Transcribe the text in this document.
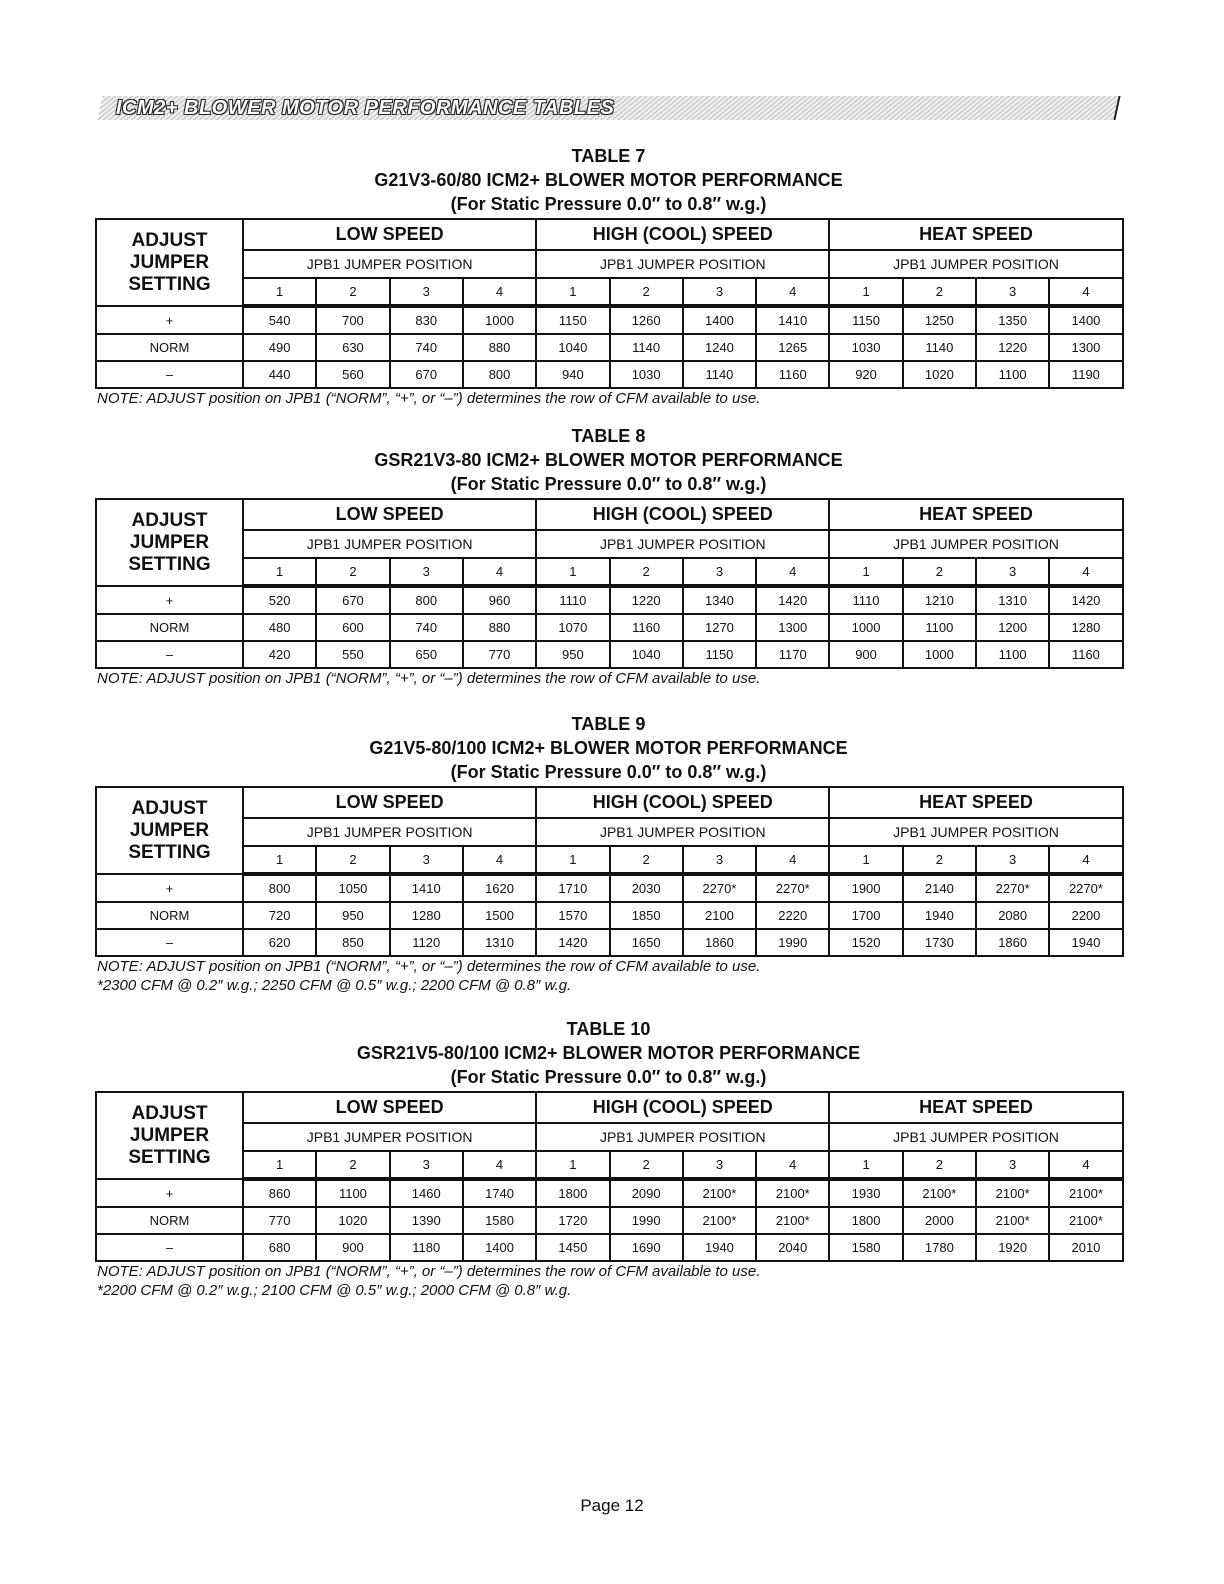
ICM2+ BLOWER MOTOR PERFORMANCE TABLES
TABLE 7
G21V3-60/80 ICM2+ BLOWER MOTOR PERFORMANCE
(For Static Pressure 0.0″ to 0.8″ w.g.)
ADJUST
JUMPER
SETTING	LOW SPEED				HIGH (COOL) SPEED				HEAT SPEED			
	JPB1 JUMPER POSITION				JPB1 JUMPER POSITION				JPB1 JUMPER POSITION			
	1	2	3	4	1	2	3	4	1	2	3	4
+	540	700	830	1000	1150	1260	1400	1410	1150	1250	1350	1400
NORM	490	630	740	880	1040	1140	1240	1265	1030	1140	1220	1300
–	440	560	670	800	940	1030	1140	1160	920	1020	1100	1190
NOTE: ADJUST position on JPB1 (“NORM”, “+”, or “–”) determines the row of CFM available to use.
TABLE 8
GSR21V3-80 ICM2+ BLOWER MOTOR PERFORMANCE
(For Static Pressure 0.0″ to 0.8″ w.g.)
ADJUST
JUMPER
SETTING	LOW SPEED				HIGH (COOL) SPEED				HEAT SPEED			
	JPB1 JUMPER POSITION				JPB1 JUMPER POSITION				JPB1 JUMPER POSITION			
	1	2	3	4	1	2	3	4	1	2	3	4
+	520	670	800	960	1110	1220	1340	1420	1110	1210	1310	1420
NORM	480	600	740	880	1070	1160	1270	1300	1000	1100	1200	1280
–	420	550	650	770	950	1040	1150	1170	900	1000	1100	1160
NOTE: ADJUST position on JPB1 (“NORM”, “+”, or “–”) determines the row of CFM available to use.
TABLE 9
G21V5-80/100 ICM2+ BLOWER MOTOR PERFORMANCE
(For Static Pressure 0.0″ to 0.8″ w.g.)
ADJUST
JUMPER
SETTING	LOW SPEED				HIGH (COOL) SPEED				HEAT SPEED			
	JPB1 JUMPER POSITION				JPB1 JUMPER POSITION				JPB1 JUMPER POSITION			
	1	2	3	4	1	2	3	4	1	2	3	4
+	800	1050	1410	1620	1710	2030	2270*	2270*	1900	2140	2270*	2270*
NORM	720	950	1280	1500	1570	1850	2100	2220	1700	1940	2080	2200
–	620	850	1120	1310	1420	1650	1860	1990	1520	1730	1860	1940
NOTE: ADJUST position on JPB1 (“NORM”, “+”, or “–”) determines the row of CFM available to use.
*2300 CFM @ 0.2″ w.g.; 2250 CFM @ 0.5″ w.g.; 2200 CFM @ 0.8″ w.g.
TABLE 10
GSR21V5-80/100 ICM2+ BLOWER MOTOR PERFORMANCE
(For Static Pressure 0.0″ to 0.8″ w.g.)
ADJUST
JUMPER
SETTING	LOW SPEED				HIGH (COOL) SPEED				HEAT SPEED			
	JPB1 JUMPER POSITION				JPB1 JUMPER POSITION				JPB1 JUMPER POSITION			
	1	2	3	4	1	2	3	4	1	2	3	4
+	860	1100	1460	1740	1800	2090	2100*	2100*	1930	2100*	2100*	2100*
NORM	770	1020	1390	1580	1720	1990	2100*	2100*	1800	2000	2100*	2100*
–	680	900	1180	1400	1450	1690	1940	2040	1580	1780	1920	2010
NOTE: ADJUST position on JPB1 (“NORM”, “+”, or “–”) determines the row of CFM available to use.
*2200 CFM @ 0.2″ w.g.; 2100 CFM @ 0.5″ w.g.; 2000 CFM @ 0.8″ w.g.
Page 12
